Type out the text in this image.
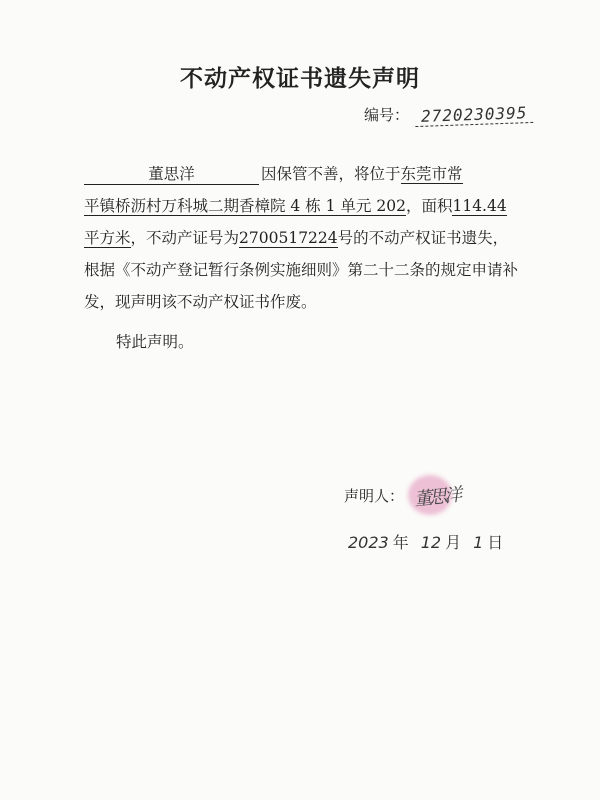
不动产权证书遗失声明
编号： 2720230395
董思洋	因保管不善，将位于东莞市常
平镇桥沥村万科城二期香樟院 4 栋 1 单元 202，面积114.44
平方米，不动产证号为2700517224号的不动产权证书遗失，
根据《不动产登记暂行条例实施细则》第二十二条的规定申请补
发，现声明该不动产权证书作废。
特此声明。
声明人： 董思洋
2023 年 12 月 1 日
